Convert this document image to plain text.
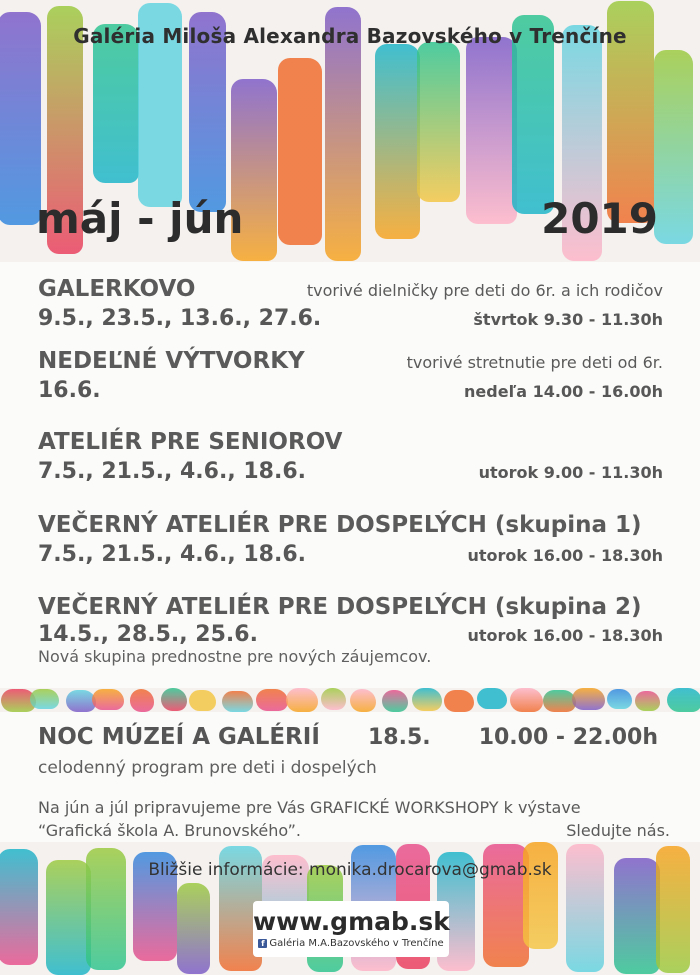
Galéria Miloša Alexandra Bazovského v Trenčíne
máj - jún	2019
GALERKOVO	tvorivé dielničky pre deti do 6r. a ich rodičov
9.5., 23.5., 13.6., 27.6.	štvrtok 9.30 - 11.30h
NEDEĽNÉ VÝTVORKY	tvorivé stretnutie pre deti od 6r.
16.6.	nedeľa 14.00 - 16.00h
ATELIÉR PRE SENIOROV
7.5., 21.5., 4.6., 18.6.	utorok 9.00 - 11.30h
VEČERNÝ ATELIÉR PRE DOSPELÝCH (skupina 1)
7.5., 21.5., 4.6., 18.6.	utorok 16.00 - 18.30h
VEČERNÝ ATELIÉR PRE DOSPELÝCH (skupina 2)
14.5., 28.5., 25.6.	utorok 16.00 - 18.30h
Nová skupina prednostne pre nových záujemcov.
NOC MÚZEÍ A GALÉRIÍ 18.5. 10.00 - 22.00h
celodenný program pre deti i dospelých
Na jún a júl pripravujeme pre Vás GRAFICKÉ WORKSHOPY k výstave
“Grafická škola A. Brunovského”.	Sledujte nás.
Bližšie informácie: monika.drocarova@gmab.sk
www.gmab.sk
f Galéria M.A.Bazovského v Trenčíne
